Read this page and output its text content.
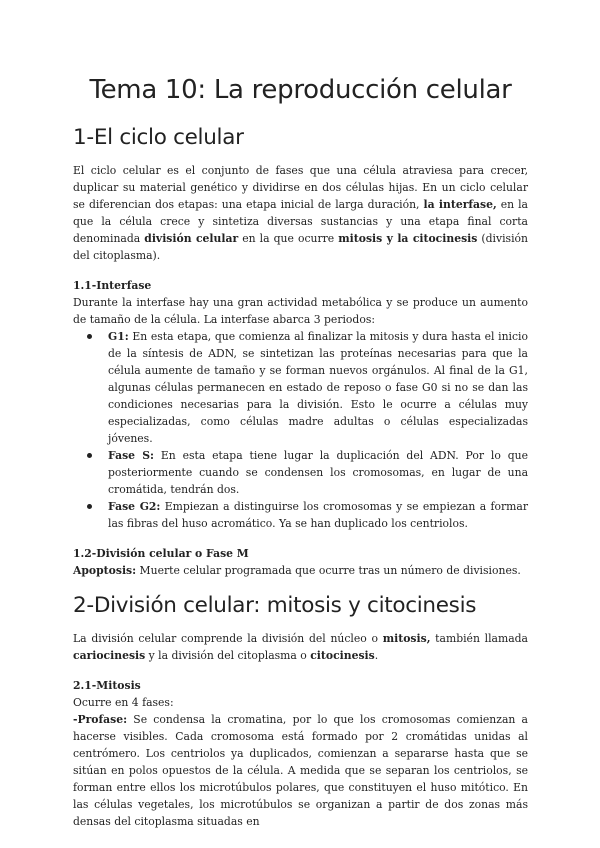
Tema 10: La reproducción celular
1-El ciclo celular

El ciclo celular es el conjunto de fases que una célula atraviesa para crecer, duplicar su material genético y dividirse en dos células hijas. En un ciclo celular se diferencian dos etapas: una etapa inicial de larga duración, la interfase, en la que la célula crece y sintetiza diversas sustancias y una etapa final corta denominada división celular en la que ocurre mitosis y la citocinesis (división del citoplasma).

1.1-Interfase

Durante la interfase hay una gran actividad metabólica y se produce un aumento de tamaño de la célula. La interfase abarca 3 periodos:

G1: En esta etapa, que comienza al finalizar la mitosis y dura hasta el inicio de la síntesis de ADN, se sintetizan las proteínas necesarias para que la célula aumente de tamaño y se forman nuevos orgánulos. Al final de la G1, algunas células permanecen en estado de reposo o fase G0 si no se dan las condiciones necesarias para la división. Esto le ocurre a células muy especializadas, como células madre adultas o células especializadas jóvenes.
Fase S: En esta etapa tiene lugar la duplicación del ADN. Por lo que posteriormente cuando se condensen los cromosomas, en lugar de una cromátida, tendrán dos.
Fase G2: Empiezan a distinguirse los cromosomas y se empiezan a formar las fibras del huso acromático. Ya se han duplicado los centriolos.
1.2-División celular o Fase M

Apoptosis: Muerte celular programada que ocurre tras un número de divisiones.

2-División celular: mitosis y citocinesis

La división celular comprende la división del núcleo o mitosis, también llamada cariocinesis y la división del citoplasma o citocinesis.

2.1-Mitosis

Ocurre en 4 fases:

-Profase: Se condensa la cromatina, por lo que los cromosomas comienzan a hacerse visibles. Cada cromosoma está formado por 2 cromátidas unidas al centrómero. Los centriolos ya duplicados, comienzan a separarse hasta que se sitúan en polos opuestos de la célula. A medida que se separan los centriolos, se forman entre ellos los microtúbulos polares, que constituyen el huso mitótico. En las células vegetales, los microtúbulos se organizan a partir de dos zonas más densas del citoplasma situadas en
